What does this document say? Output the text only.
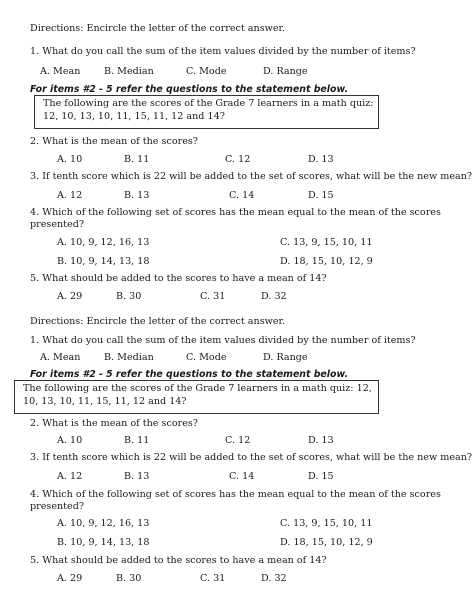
Directions: Encircle the letter of the correct answer.
1. What do you call the sum of the item values divided by the number of items?
A. Mean B. Median	C. Mode	D. Range
For items #2 - 5 refer the questions to the statement below.
The following are the scores of the Grade 7 learners in a math quiz: 12, 10, 13, 10, 11, 15, 11, 12 and 14?
2. What is the mean of the scores?
A. 10	B. 11	C. 12	D. 13
3. If tenth score which is 22 will be added to the set of scores, what will be the new mean?
A. 12	B. 13	C. 14	D. 15
4. Which of the following set of scores has the mean equal to the mean of the scores
presented?
A. 10, 9, 12, 16, 13	C. 13, 9, 15, 10, 11
B. 10, 9, 14, 13, 18	D. 18, 15, 10, 12, 9
5. What should be added to the scores to have a mean of 14?
A. 29	B. 30	C. 31	D. 32
Directions: Encircle the letter of the correct answer.
1. What do you call the sum of the item values divided by the number of items?
A. Mean B. Median	C. Mode	D. Range
For items #2 - 5 refer the questions to the statement below.
The following are the scores of the Grade 7 learners in a math quiz: 12, 10, 13, 10, 11, 15, 11, 12 and 14?
2. What is the mean of the scores?
A. 10	B. 11	C. 12	D. 13
3. If tenth score which is 22 will be added to the set of scores, what will be the new mean?
A. 12	B. 13	C. 14	D. 15
4. Which of the following set of scores has the mean equal to the mean of the scores
presented?
A. 10, 9, 12, 16, 13	C. 13, 9, 15, 10, 11
B. 10, 9, 14, 13, 18	D. 18, 15, 10, 12, 9
5. What should be added to the scores to have a mean of 14?
A. 29	B. 30	C. 31	D. 32
